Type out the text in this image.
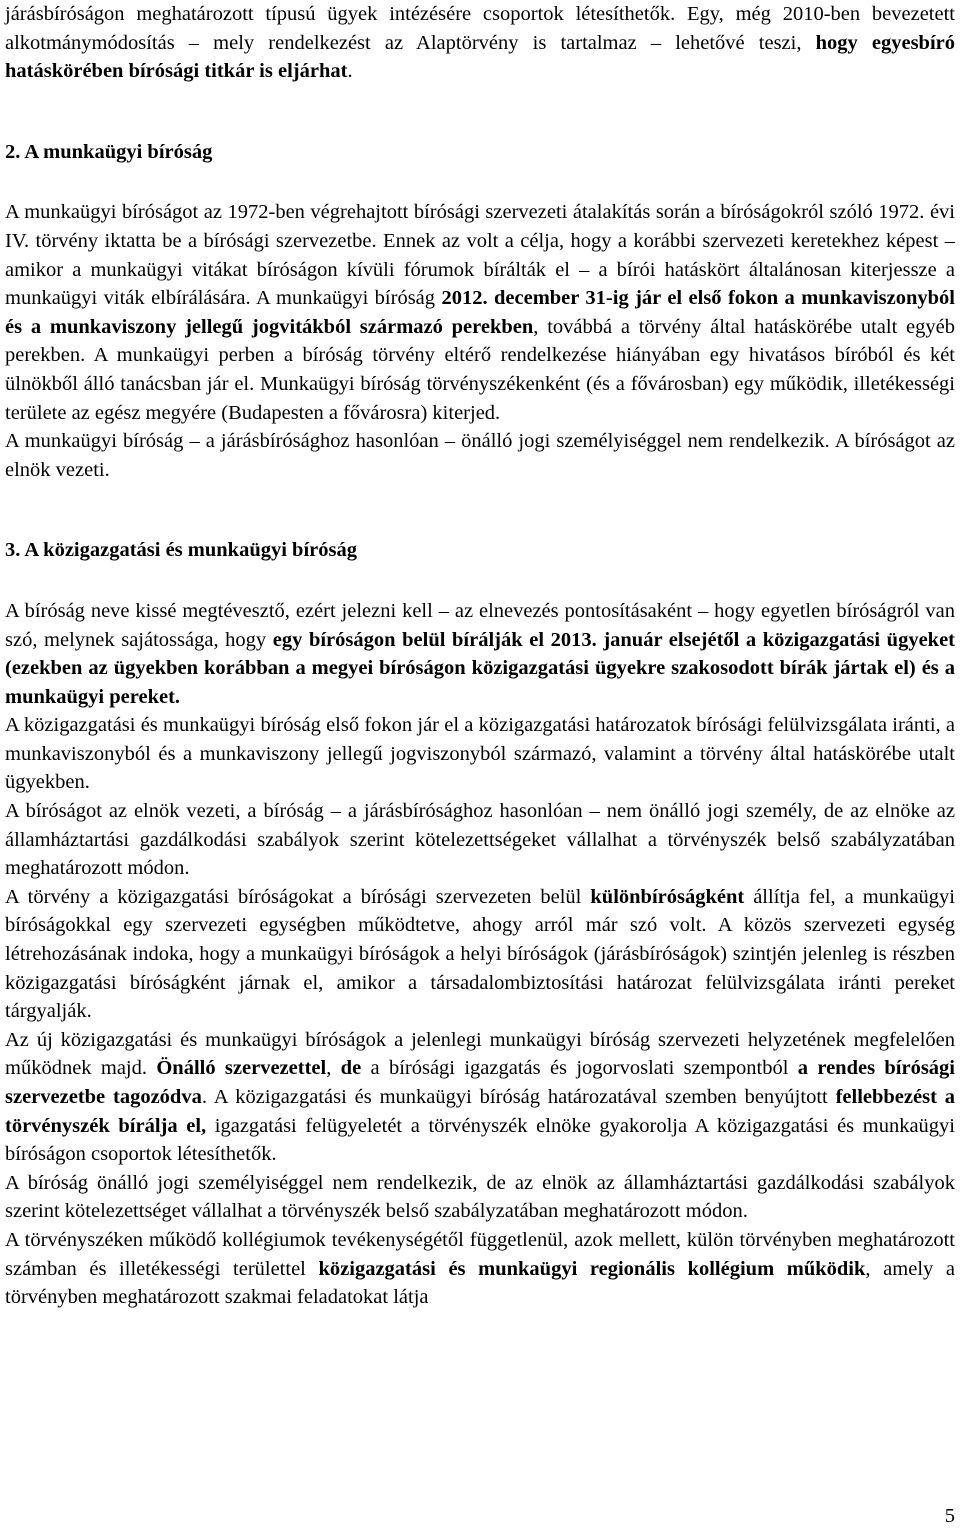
járásbíróságon meghatározott típusú ügyek intézésére csoportok létesíthetők. Egy, még 2010-ben bevezetett alkotmánymódosítás – mely rendelkezést az Alaptörvény is tartalmaz – lehetővé teszi, hogy egyesbíró hatáskörében bírósági titkár is eljárhat.

2. A munkaügyi bíróság

A munkaügyi bíróságot az 1972-ben végrehajtott bírósági szervezeti átalakítás során a bíróságokról szóló 1972. évi IV. törvény iktatta be a bírósági szervezetbe. Ennek az volt a célja, hogy a korábbi szervezeti keretekhez képest – amikor a munkaügyi vitákat bíróságon kívüli fórumok bírálták el – a bírói hatáskört általánosan kiterjessze a munkaügyi viták elbírálására. A munkaügyi bíróság 2012. december 31-ig jár el első fokon a munkaviszonyból és a munkaviszony jellegű jogvitákból származó perekben, továbbá a törvény által hatáskörébe utalt egyéb perekben. A munkaügyi perben a bíróság törvény eltérő rendelkezése hiányában egy hivatásos bíróból és két ülnökből álló tanácsban jár el. Munkaügyi bíróság törvényszékenként (és a fővárosban) egy működik, illetékességi területe az egész megyére (Budapesten a fővárosra) kiterjed.

A munkaügyi bíróság – a járásbírósághoz hasonlóan – önálló jogi személyiséggel nem rendelkezik. A bíróságot az elnök vezeti.

3. A közigazgatási és munkaügyi bíróság

A bíróság neve kissé megtévesztő, ezért jelezni kell – az elnevezés pontosításaként – hogy egyetlen bíróságról van szó, melynek sajátossága, hogy egy bíróságon belül bírálják el 2013. január elsejétől a közigazgatási ügyeket (ezekben az ügyekben korábban a megyei bíróságon közigazgatási ügyekre szakosodott bírák jártak el) és a munkaügyi pereket.

A közigazgatási és munkaügyi bíróság első fokon jár el a közigazgatási határozatok bírósági felülvizsgálata iránti, a munkaviszonyból és a munkaviszony jellegű jogviszonyból származó, valamint a törvény által hatáskörébe utalt ügyekben.

A bíróságot az elnök vezeti, a bíróság – a járásbírósághoz hasonlóan – nem önálló jogi személy, de az elnöke az államháztartási gazdálkodási szabályok szerint kötelezettségeket vállalhat a törvényszék belső szabályzatában meghatározott módon.

A törvény a közigazgatási bíróságokat a bírósági szervezeten belül különbíróságként állítja fel, a munkaügyi bíróságokkal egy szervezeti egységben működtetve, ahogy arról már szó volt. A közös szervezeti egység létrehozásának indoka, hogy a munkaügyi bíróságok a helyi bíróságok (járásbíróságok) szintjén jelenleg is részben közigazgatási bíróságként járnak el, amikor a társadalombiztosítási határozat felülvizsgálata iránti pereket tárgyalják.

Az új közigazgatási és munkaügyi bíróságok a jelenlegi munkaügyi bíróság szervezeti helyzetének megfelelően működnek majd. Önálló szervezettel, de a bírósági igazgatás és jogorvoslati szempontból a rendes bírósági szervezetbe tagozódva. A közigazgatási és munkaügyi bíróság határozatával szemben benyújtott fellebbezést a törvényszék bírálja el, igazgatási felügyeletét a törvényszék elnöke gyakorolja A közigazgatási és munkaügyi bíróságon csoportok létesíthetők.

A bíróság önálló jogi személyiséggel nem rendelkezik, de az elnök az államháztartási gazdálkodási szabályok szerint kötelezettséget vállalhat a törvényszék belső szabályzatában meghatározott módon.

A törvényszéken működő kollégiumok tevékenységétől függetlenül, azok mellett, külön törvényben meghatározott számban és illetékességi területtel közigazgatási és munkaügyi regionális kollégium működik, amely a törvényben meghatározott szakmai feladatokat látja

5
